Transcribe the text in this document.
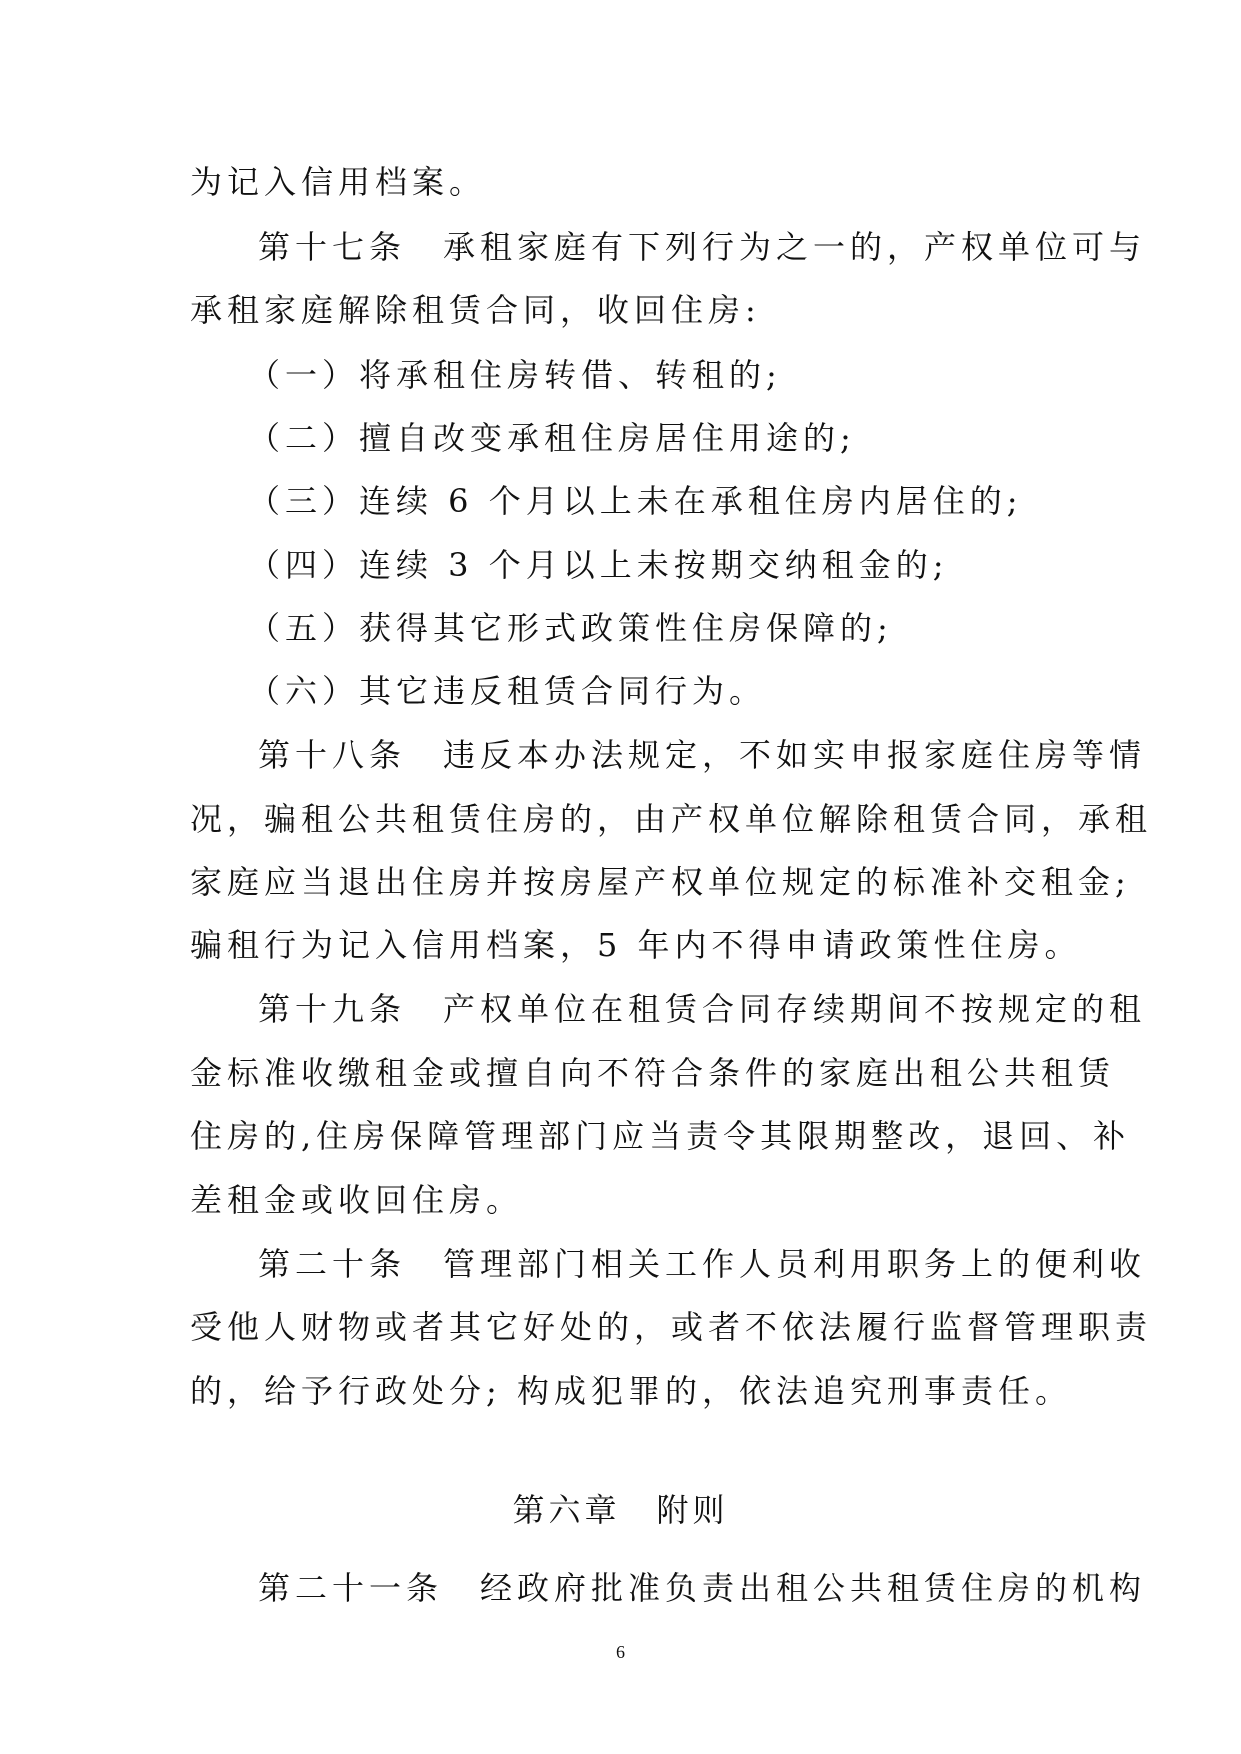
为记入信用档案。
第十七条　承租家庭有下列行为之一的，产权单位可与
承租家庭解除租赁合同，收回住房:
（一）将承租住房转借、转租的;
（二）擅自改变承租住房居住用途的;
（三）连续 6 个月以上未在承租住房内居住的;
（四）连续 3 个月以上未按期交纳租金的;
（五）获得其它形式政策性住房保障的;
（六）其它违反租赁合同行为。
第十八条　违反本办法规定，不如实申报家庭住房等情
况，骗租公共租赁住房的，由产权单位解除租赁合同，承租
家庭应当退出住房并按房屋产权单位规定的标准补交租金;
骗租行为记入信用档案，5 年内不得申请政策性住房。
第十九条　产权单位在租赁合同存续期间不按规定的租
金标准收缴租金或擅自向不符合条件的家庭出租公共租赁
住房的,住房保障管理部门应当责令其限期整改，退回、补
差租金或收回住房。
第二十条　管理部门相关工作人员利用职务上的便利收
受他人财物或者其它好处的，或者不依法履行监督管理职责
的，给予行政处分; 构成犯罪的，依法追究刑事责任。
第六章　附则
第二十一条　经政府批准负责出租公共租赁住房的机构
6
